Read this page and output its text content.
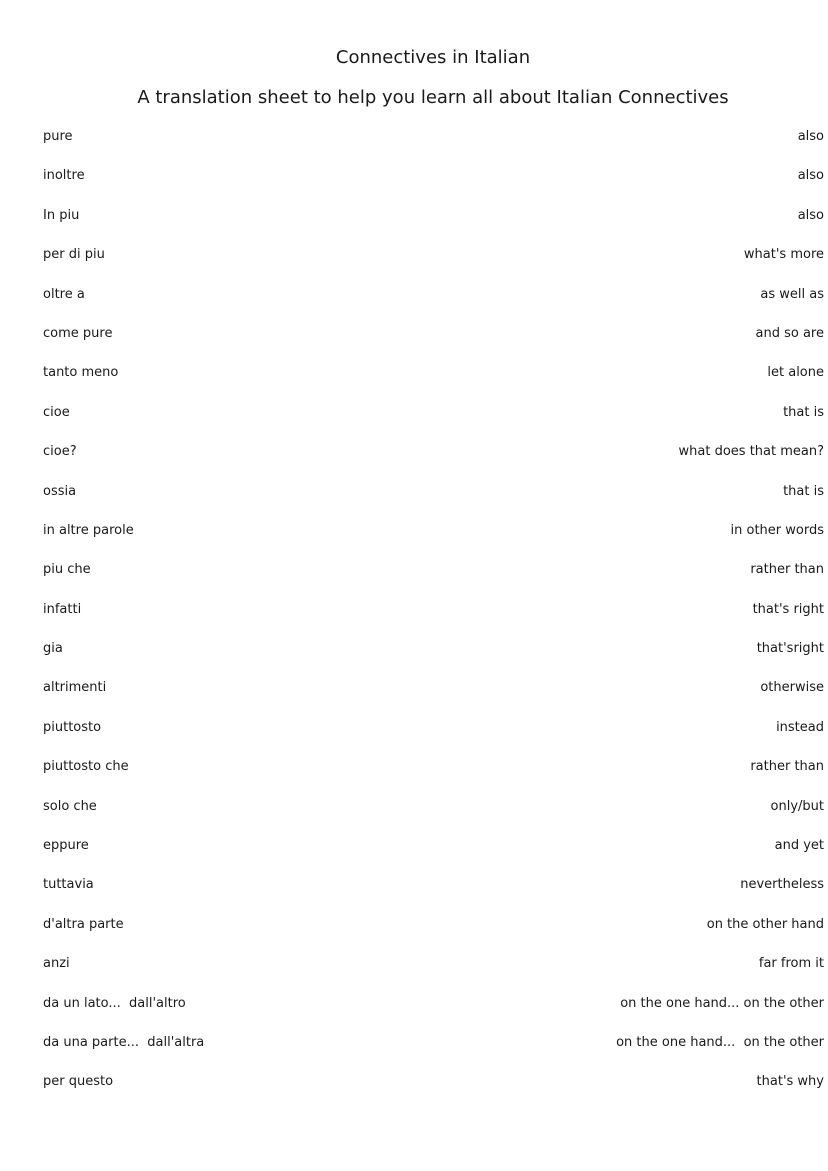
Connectives in Italian
A translation sheet to help you learn all about Italian Connectives
pure	also
inoltre	also
In piu	also
per di piu	what's more
oltre a	as well as
come pure	and so are
tanto meno	let alone
cioe	that is
cioe?	what does that mean?
ossia	that is
in altre parole	in other words
piu che	rather than
infatti	that's right
gia	that'sright
altrimenti	otherwise
piuttosto	instead
piuttosto che	rather than
solo che	only/but
eppure	and yet
tuttavia	nevertheless
d'altra parte	on the other hand
anzi	far from it
da un lato...  dall'altro	on the one hand... on the other
da una parte...  dall'altra	on the one hand...  on the other
per questo	that's why
